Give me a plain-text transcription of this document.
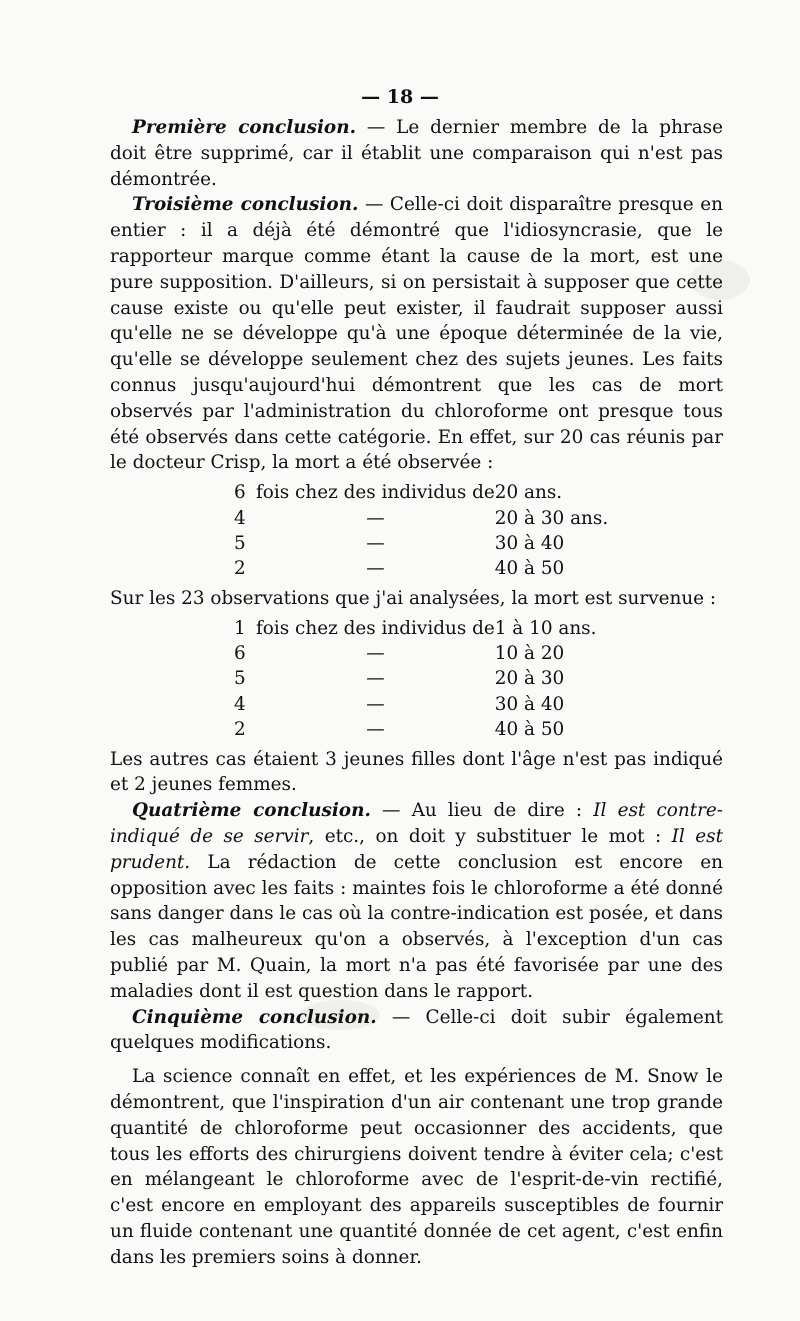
— 18 —

Première conclusion. — Le dernier membre de la phrase doit être supprimé, car il établit une comparaison qui n'est pas démontrée.

Troisième conclusion. — Celle-ci doit disparaître presque en entier : il a déjà été démontré que l'idiosyncrasie, que le rapporteur marque comme étant la cause de la mort, est une pure supposition. D'ailleurs, si on persistait à supposer que cette cause existe ou qu'elle peut exister, il faudrait supposer aussi qu'elle ne se développe qu'à une époque déterminée de la vie, qu'elle se développe seulement chez des sujets jeunes. Les faits connus jusqu'aujourd'hui démontrent que les cas de mort observés par l'administration du chloroforme ont presque tous été observés dans cette catégorie. En effet, sur 20 cas réunis par le docteur Crisp, la mort a été observée :

6	fois chez des individus de	20 ans.
4	—	20 à 30 ans.
5	—	30 à 40
2	—	40 à 50

Sur les 23 observations que j'ai analysées, la mort est survenue :

1	fois chez des individus de	1 à 10 ans.
6	—	10 à 20
5	—	20 à 30
4	—	30 à 40
2	—	40 à 50

Les autres cas étaient 3 jeunes filles dont l'âge n'est pas indiqué et 2 jeunes femmes.

Quatrième conclusion. — Au lieu de dire : Il est contre-indiqué de se servir, etc., on doit y substituer le mot : Il est prudent. La rédaction de cette conclusion est encore en opposition avec les faits : maintes fois le chloroforme a été donné sans danger dans le cas où la contre-indication est posée, et dans les cas malheureux qu'on a observés, à l'exception d'un cas publié par M. Quain, la mort n'a pas été favorisée par une des maladies dont il est question dans le rapport.

Cinquième conclusion. — Celle-ci doit subir également quelques modifications.

La science connaît en effet, et les expériences de M. Snow le démontrent, que l'inspiration d'un air contenant une trop grande quantité de chloroforme peut occasionner des accidents, que tous les efforts des chirurgiens doivent tendre à éviter cela; c'est en mélangeant le chloroforme avec de l'esprit-de-vin rectifié, c'est encore en employant des appareils susceptibles de fournir un fluide contenant une quantité donnée de cet agent, c'est enfin dans les premiers soins à donner.
